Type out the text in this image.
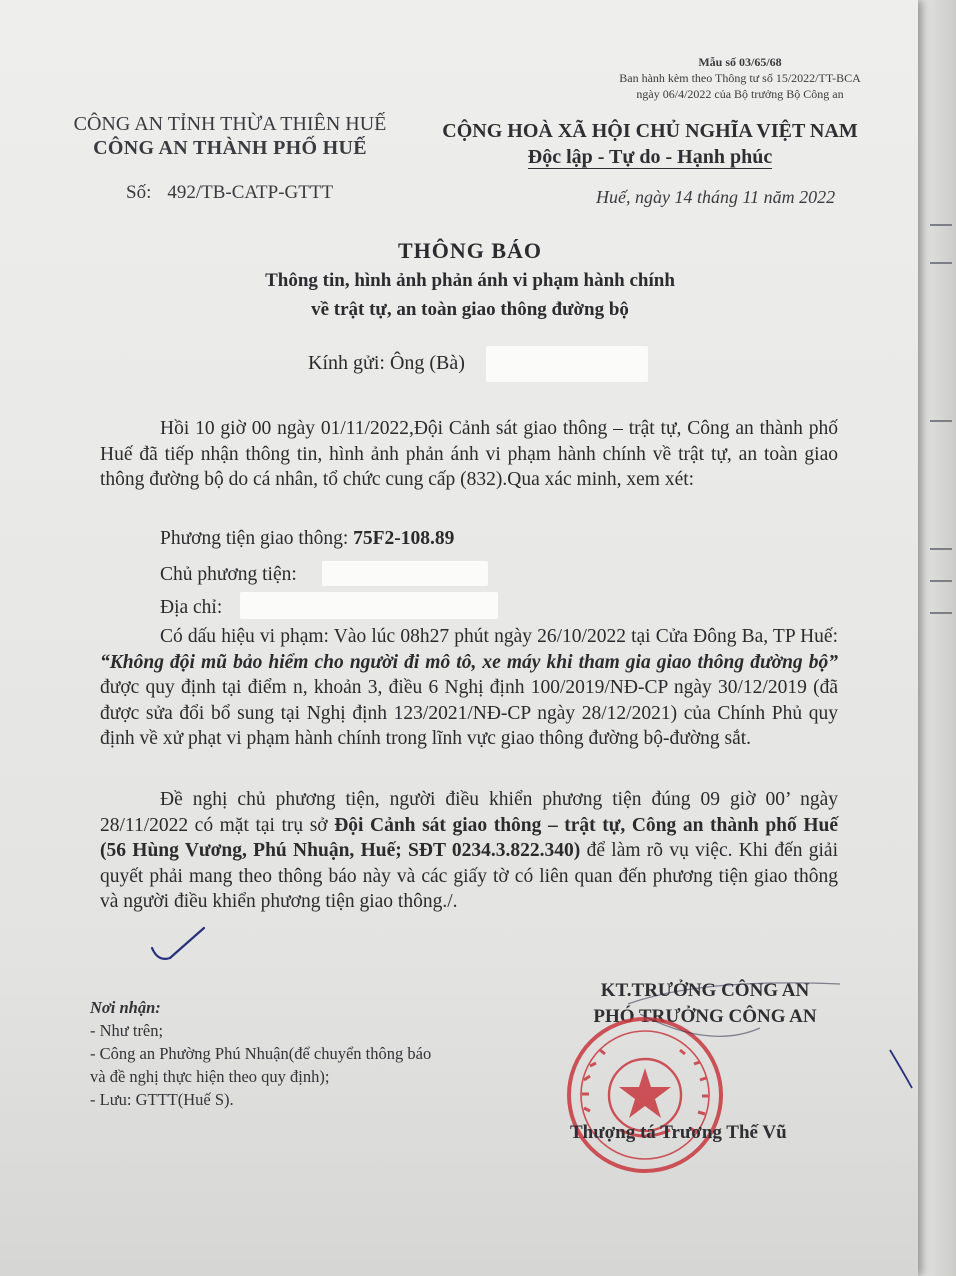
Mẫu số 03/65/68
Ban hành kèm theo Thông tư số 15/2022/TT-BCA
ngày 06/4/2022 của Bộ trưởng Bộ Công an
CÔNG AN TỈNH THỪA THIÊN HUẾ
CÔNG AN THÀNH PHỐ HUẾ
CỘNG HOÀ XÃ HỘI CHỦ NGHĨA VIỆT NAM
Độc lập - Tự do - Hạnh phúc
Số: 492/TB-CATP-GTTT	Huế, ngày 14 tháng 11 năm 2022
THÔNG BÁO
Thông tin, hình ảnh phản ánh vi phạm hành chính
về trật tự, an toàn giao thông đường bộ
Kính gửi: Ông (Bà)
Hồi 10 giờ 00 ngày 01/11/2022,Đội Cảnh sát giao thông – trật tự, Công an thành phố Huế đã tiếp nhận thông tin, hình ảnh phản ánh vi phạm hành chính về trật tự, an toàn giao thông đường bộ do cá nhân, tổ chức cung cấp (832).Qua xác minh, xem xét:
Phương tiện giao thông: 75F2-108.89
Chủ phương tiện:
Địa chỉ:
Có dấu hiệu vi phạm: Vào lúc 08h27 phút ngày 26/10/2022 tại Cửa Đông Ba, TP Huế: “Không đội mũ bảo hiểm cho người đi mô tô, xe máy khi tham gia giao thông đường bộ” được quy định tại điểm n, khoản 3, điều 6 Nghị định 100/2019/NĐ-CP ngày 30/12/2019 (đã được sửa đổi bổ sung tại Nghị định 123/2021/NĐ-CP ngày 28/12/2021) của Chính Phủ quy định về xử phạt vi phạm hành chính trong lĩnh vực giao thông đường bộ-đường sắt.
Đề nghị chủ phương tiện, người điều khiển phương tiện đúng 09 giờ 00’ ngày 28/11/2022 có mặt tại trụ sở Đội Cảnh sát giao thông – trật tự, Công an thành phố Huế (56 Hùng Vương, Phú Nhuận, Huế; SĐT 0234.3.822.340) để làm rõ vụ việc. Khi đến giải quyết phải mang theo thông báo này và các giấy tờ có liên quan đến phương tiện giao thông và người điều khiển phương tiện giao thông./.
Nơi nhận:
- Như trên;
- Công an Phường Phú Nhuận(để chuyển thông báo
và đề nghị thực hiện theo quy định);
- Lưu: GTTT(Huế S).
KT.TRƯỞNG CÔNG AN
PHÓ TRƯỞNG CÔNG AN
Thượng tá Trương Thế Vũ
